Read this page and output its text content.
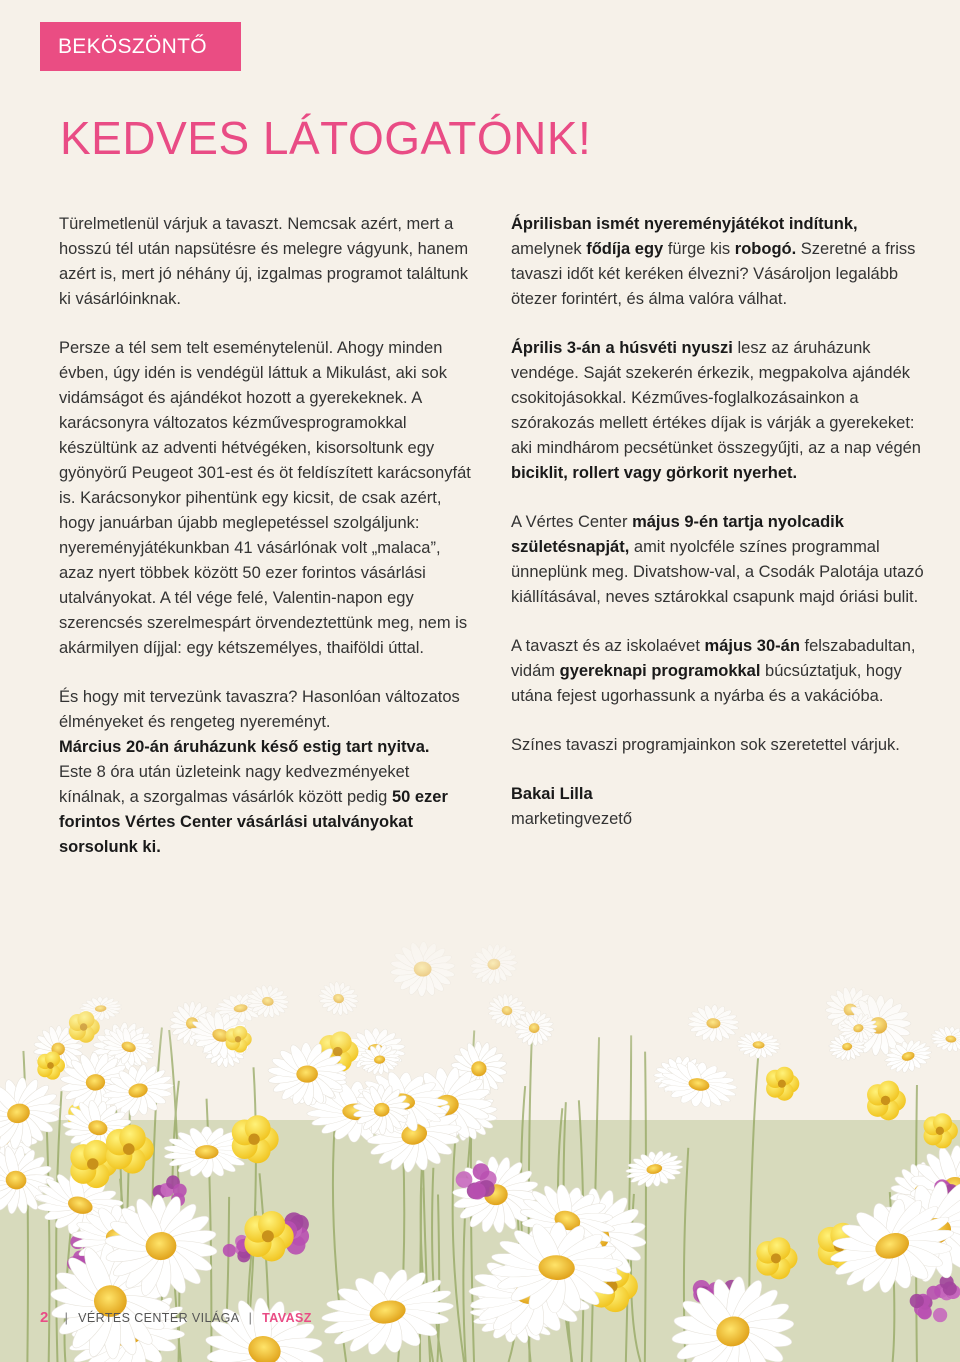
BEKÖSZÖNTŐ
KEDVES LÁTOGATÓNK!

Türelmetlenül várjuk a tavaszt. Nemcsak azért, mert a hosszú tél után napsütésre és melegre vágyunk, hanem azért is, mert jó néhány új, izgalmas programot találtunk ki vásárlóinknak.

Persze a tél sem telt eseménytelenül. Ahogy minden évben, úgy idén is vendégül láttuk a Mikulást, aki sok vidámságot és ajándékot hozott a gyerekeknek. A karácsonyra változatos kézművesprogramokkal készültünk az adventi hétvégéken, kisorsoltunk egy gyönyörű Peugeot 301-est és öt feldíszített karácsonyfát is. Karácsonykor pihentünk egy kicsit, de csak azért, hogy januárban újabb meglepetéssel szolgáljunk: nyereményjátékunkban 41 vásárlónak volt „malaca”, azaz nyert többek között 50 ezer forintos vásárlási utalványokat. A tél vége felé, Valentin-napon egy szerencsés szerelmespárt örvendeztettünk meg, nem is akármilyen díjjal: egy kétszemélyes, thaiföldi úttal.

És hogy mit tervezünk tavaszra? Hasonlóan változatos élményeket és rengeteg nyereményt.
Március 20-án áruházunk késő estig tart nyitva.
Este 8 óra után üzleteink nagy kedvezményeket kínálnak, a szorgalmas vásárlók között pedig 50 ezer forintos Vértes Center vásárlási utalványokat sorsolunk ki.

Áprilisban ismét nyereményjátékot indítunk, amelynek fődíja egy fürge kis robogó. Szeretné a friss tavaszi időt két keréken élvezni? Vásároljon legalább ötezer forintért, és álma valóra válhat.

Április 3-án a húsvéti nyuszi lesz az áruházunk vendége. Saját szekerén érkezik, megpakolva ajándék csokitojásokkal. Kézműves-foglalkozásainkon a szórakozás mellett értékes díjak is várják a gyerekeket: aki mindhárom pecsétünket összegyűjti, az a nap végén biciklit, rollert vagy görkorit nyerhet.

A Vértes Center május 9-én tartja nyolcadik születésnapját, amit nyolcféle színes programmal ünneplünk meg. Divatshow-val, a Csodák Palotája utazó kiállításával, neves sztárokkal csapunk majd óriási bulit.

A tavaszt és az iskolaévet május 30-án felszabadultan, vidám gyereknapi programokkal búcsúztatjuk, hogy utána fejest ugorhassunk a nyárba és a vakációba.

Színes tavaszi programjainkon sok szeretettel várjuk.

Bakai Lilla
marketingvezető

2 | VÉRTES CENTER VILÁGA | TAVASZ
